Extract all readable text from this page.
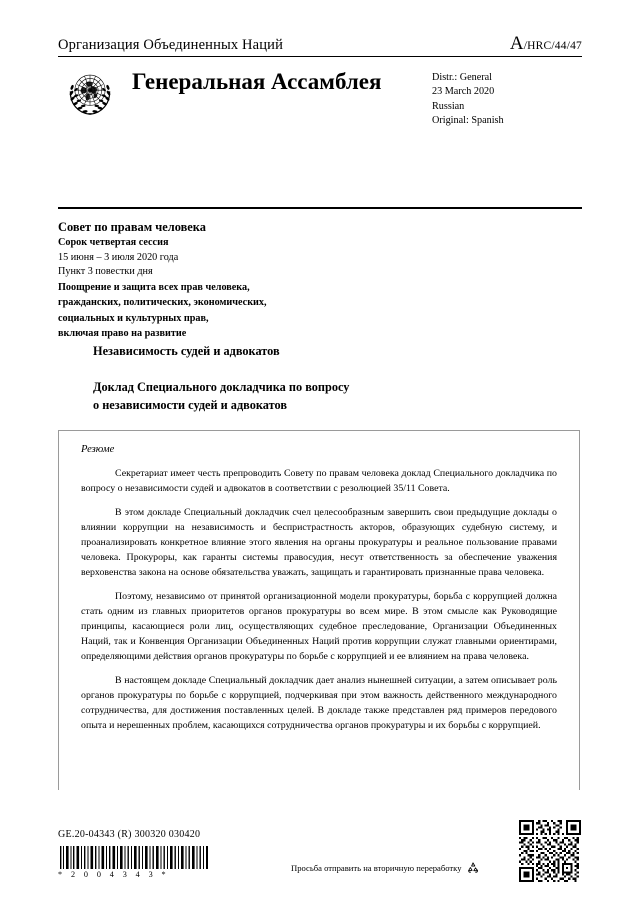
Организация Объединенных Наций	A/HRC/44/47
Генеральная Ассамблея	Distr.: General
23 March 2020
Russian
Original: Spanish
Совет по правам человека
Сорок четвертая сессия
15 июня – 3 июля 2020 года
Пункт 3 повестки дня
Поощрение и защита всех прав человека,
гражданских, политических, экономических,
социальных и культурных прав,
включая право на развитие
Независимость судей и адвокатов
Доклад Специального докладчика по вопросу
о независимости судей и адвокатов
Резюме

Секретариат имеет честь препроводить Совету по правам человека доклад Специального докладчика по вопросу о независимости судей и адвокатов в соответствии с резолюцией 35/11 Совета.

В этом докладе Специальный докладчик счел целесообразным завершить свои предыдущие доклады о влиянии коррупции на независимость и беспристрастность акторов, образующих судебную систему, и проанализировать конкретное влияние этого явления на органы прокуратуры и реальное пользование правами человека. Прокуроры, как гаранты системы правосудия, несут ответственность за обеспечение уважения верховенства закона на основе обязательства уважать, защищать и гарантировать признанные права человека.

Поэтому, независимо от принятой организационной модели прокуратуры, борьба с коррупцией должна стать одним из главных приоритетов органов прокуратуры во всем мире. В этом смысле как Руководящие принципы, касающиеся роли лиц, осуществляющих судебное преследование, Организации Объединенных Наций, так и Конвенция Организации Объединенных Наций против коррупции служат главными ориентирами, определяющими действия органов прокуратуры по борьбе с коррупцией и ее влиянием на права человека.

В настоящем докладе Специальный докладчик дает анализ нынешней ситуации, а затем описывает роль органов прокуратуры по борьбе с коррупцией, подчеркивая при этом важность действенного международного сотрудничества, для достижения поставленных целей. В докладе также представлен ряд примеров передового опыта и нерешенных проблем, касающихся сотрудничества органов прокуратуры и их борьбы с коррупцией.

GE.20-04343 (R) 300320 030420
* 2 0 0 4 3 4 3 *
Просьба отправить на вторичную переработку
